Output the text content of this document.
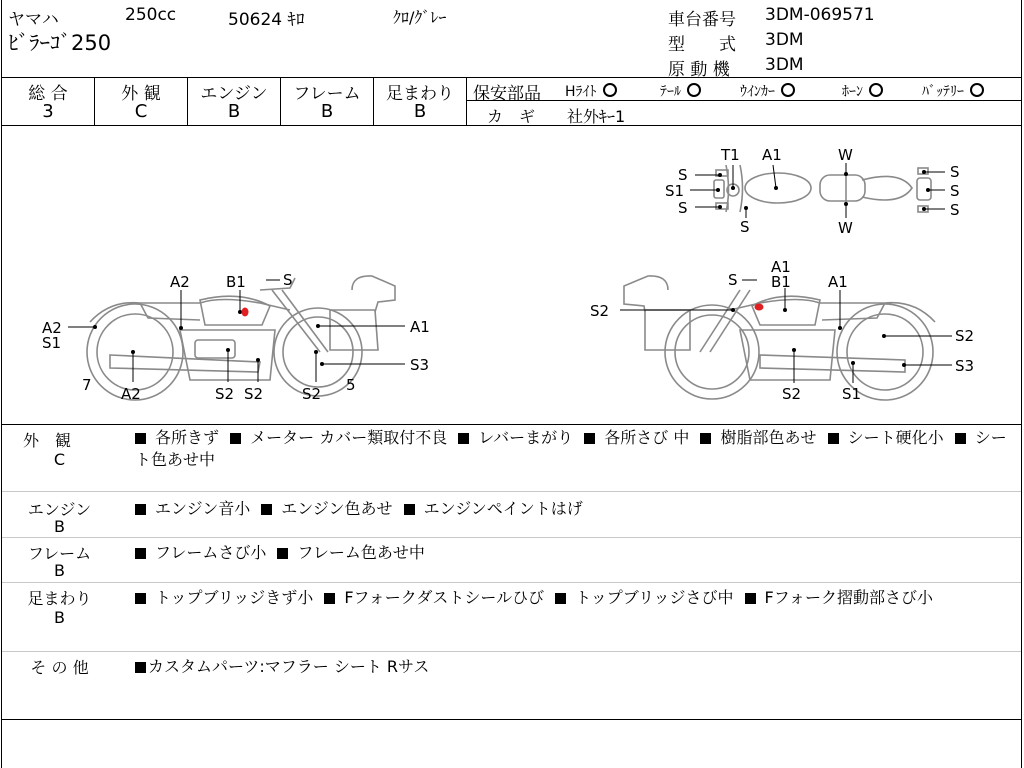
ヤマハ	250cc	50624 ｷﾛ	ｸﾛ/ｸﾞﾚｰ
ﾋﾞﾗｰｺﾞ250
車台番号 3DM-069571
型　　式 3DM
原 動 機 3DM
総 合
3
外 観
C
エンジン
B
フレーム
B
足まわり
B
保安部品 Hﾗｲﾄ	ﾃｰﾙ	ｳｲﾝｶｰ	ﾎｰﾝ	ﾊﾞｯﾃﾘｰ
カ　ギ 社外ｷｰ1
S
S1
S
T1 A1	W
S	W
S
S
S
A2 B1 S
A2
S1
A1
7 A2	S2 S2	S2
S3
5
S
A1
B1 A1
S2
S2
S3
S2	S1
外　観
C
各所きず メーター カバー類取付不良 レバーまがり 各所さび 中 樹脂部色あせ シート硬化小 シート色あせ中
エンジン
B
エンジン音小 エンジン色あせ エンジンペイントはげ
フレーム
B
フレームさび小 フレーム色あせ中
足まわり
B
トップブリッジきず小 Fフォークダストシールひび トップブリッジさび中 Fフォーク摺動部さび小
そ の 他	カスタムパーツ:マフラー シート Rサス
